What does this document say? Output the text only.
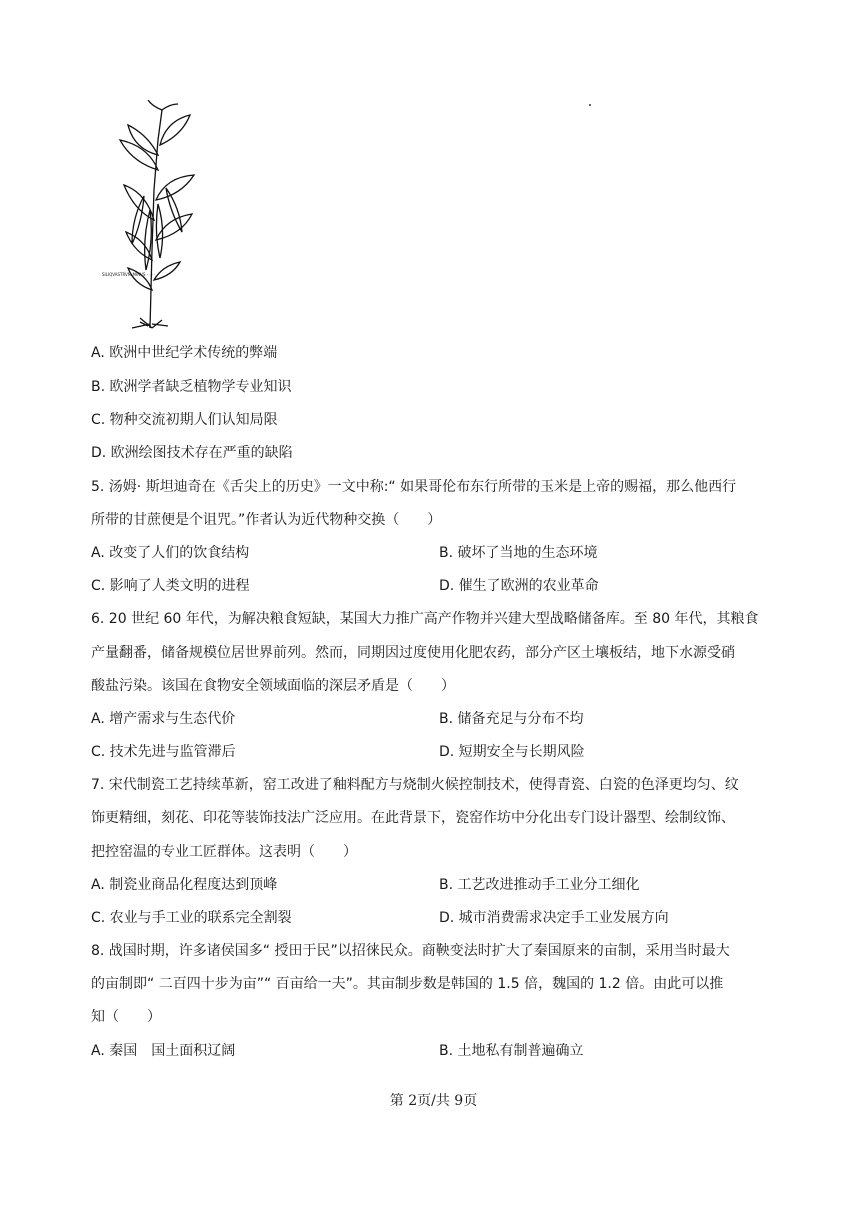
SILIQVASTRVM MINVS · · · · ·
A. 欧洲中世纪学术传统的弊端
B. 欧洲学者缺乏植物学专业知识
C. 物种交流初期人们认知局限
D. 欧洲绘图技术存在严重的缺陷
5. 汤姆· 斯坦迪奇在《舌尖上的历史》一文中称:“ 如果哥伦布东行所带的玉米是上帝的赐福，那么他西行
所带的甘蔗便是个诅咒。”作者认为近代物种交换（　　）
A. 改变了人们的饮食结构	B. 破坏了当地的生态环境
C. 影响了人类文明的进程	D. 催生了欧洲的农业革命
6. 20 世纪 60 年代，为解决粮食短缺，某国大力推广高产作物并兴建大型战略储备库。至 80 年代，其粮食
产量翻番，储备规模位居世界前列。然而，同期因过度使用化肥农药，部分产区土壤板结，地下水源受硝
酸盐污染。该国在食物安全领域面临的深层矛盾是（　　）
A. 增产需求与生态代价	B. 储备充足与分布不均
C. 技术先进与监管滞后	D. 短期安全与长期风险
7. 宋代制瓷工艺持续革新，窑工改进了釉料配方与烧制火候控制技术，使得青瓷、白瓷的色泽更均匀、纹
饰更精细，刻花、印花等装饰技法广泛应用。在此背景下，瓷窑作坊中分化出专门设计器型、绘制纹饰、
把控窑温的专业工匠群体。这表明（　　）
A. 制瓷业商品化程度达到顶峰	B. 工艺改进推动手工业分工细化
C. 农业与手工业的联系完全割裂	D. 城市消费需求决定手工业发展方向
8. 战国时期，许多诸侯国多“ 授田于民”以招徕民众。商鞅变法时扩大了秦国原来的亩制，采用当时最大
的亩制即“ 二百四十步为亩”“ 百亩给一夫”。其亩制步数是韩国的 1.5 倍，魏国的 1.2 倍。由此可以推
知（　　）
A. 秦国　国土面积辽阔	B. 土地私有制普遍确立
第 2页/共 9页
